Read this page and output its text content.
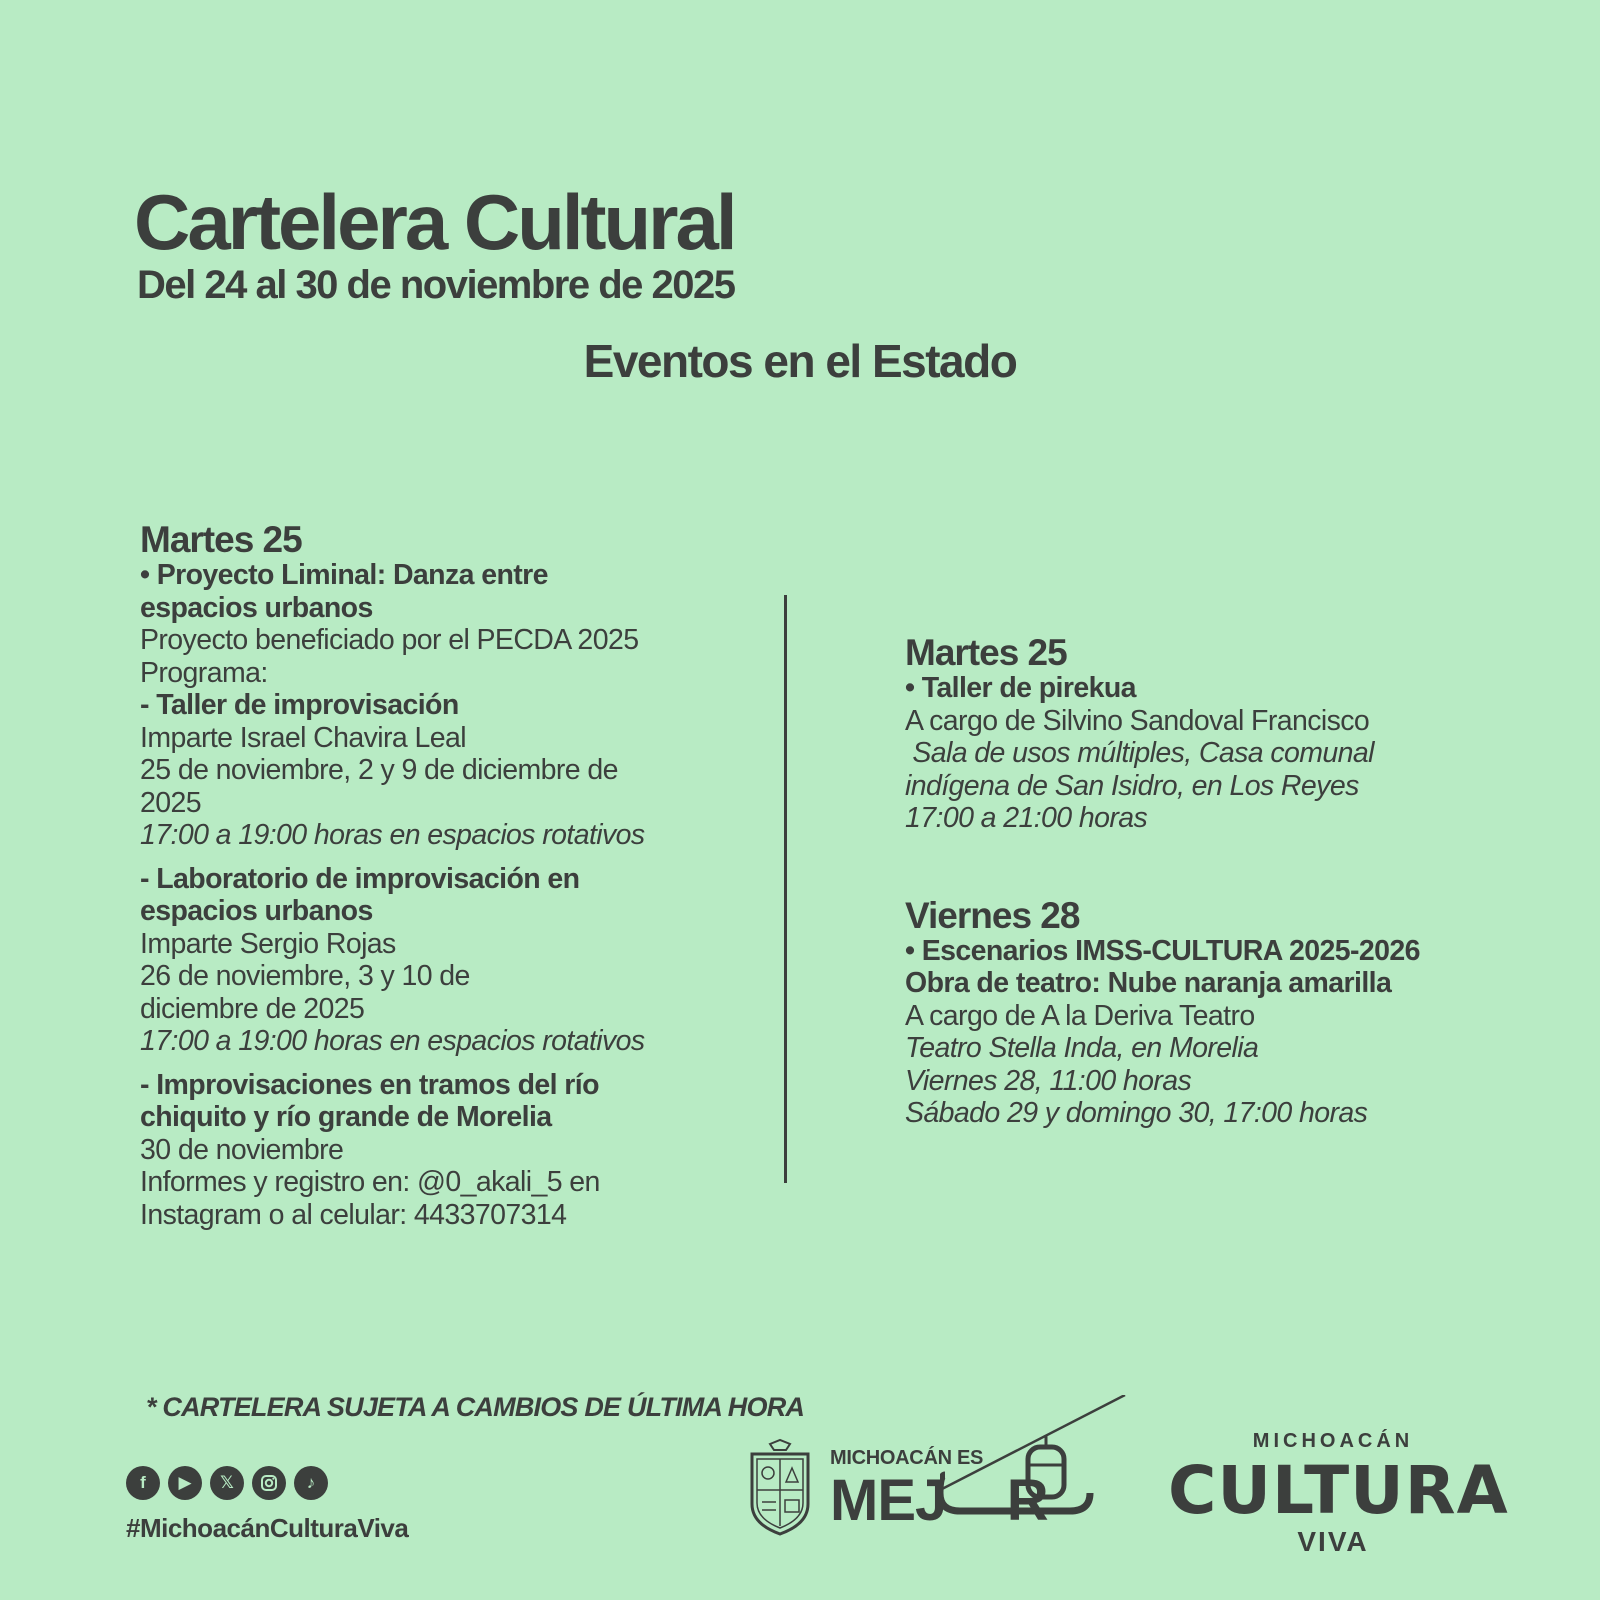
Cartelera Cultural
Del 24 al 30 de noviembre de 2025
Eventos en el Estado
Martes 25
• Proyecto Liminal: Danza entre
espacios urbanos
Proyecto beneficiado por el PECDA 2025
Programa:
- Taller de improvisación
Imparte Israel Chavira Leal
25 de noviembre, 2 y 9 de diciembre de
2025
17:00 a 19:00 horas en espacios rotativos
- Laboratorio de improvisación en
espacios urbanos
Imparte Sergio Rojas
26 de noviembre, 3 y 10 de
diciembre de 2025
17:00 a 19:00 horas en espacios rotativos
- Improvisaciones en tramos del río
chiquito y río grande de Morelia
30 de noviembre
Informes y registro en: @0_akali_5 en
Instagram o al celular: 4433707314
Martes 25
• Taller de pirekua
A cargo de Silvino Sandoval Francisco
Sala de usos múltiples, Casa comunal
indígena de San Isidro, en Los Reyes
17:00 a 21:00 horas
Viernes 28
• Escenarios IMSS-CULTURA 2025-2026
Obra de teatro: Nube naranja amarilla
A cargo de A la Deriva Teatro
Teatro Stella Inda, en Morelia
Viernes 28, 11:00 horas
Sábado 29 y domingo 30, 17:00 horas
* CARTELERA SUJETA A CAMBIOS DE ÚLTIMA HORA
f	▶	𝕏	♪
#MichoacánCulturaViva
MICHOACÁN ES
MEJ    R
MICHOACÁN
CULTURA
VIVA
